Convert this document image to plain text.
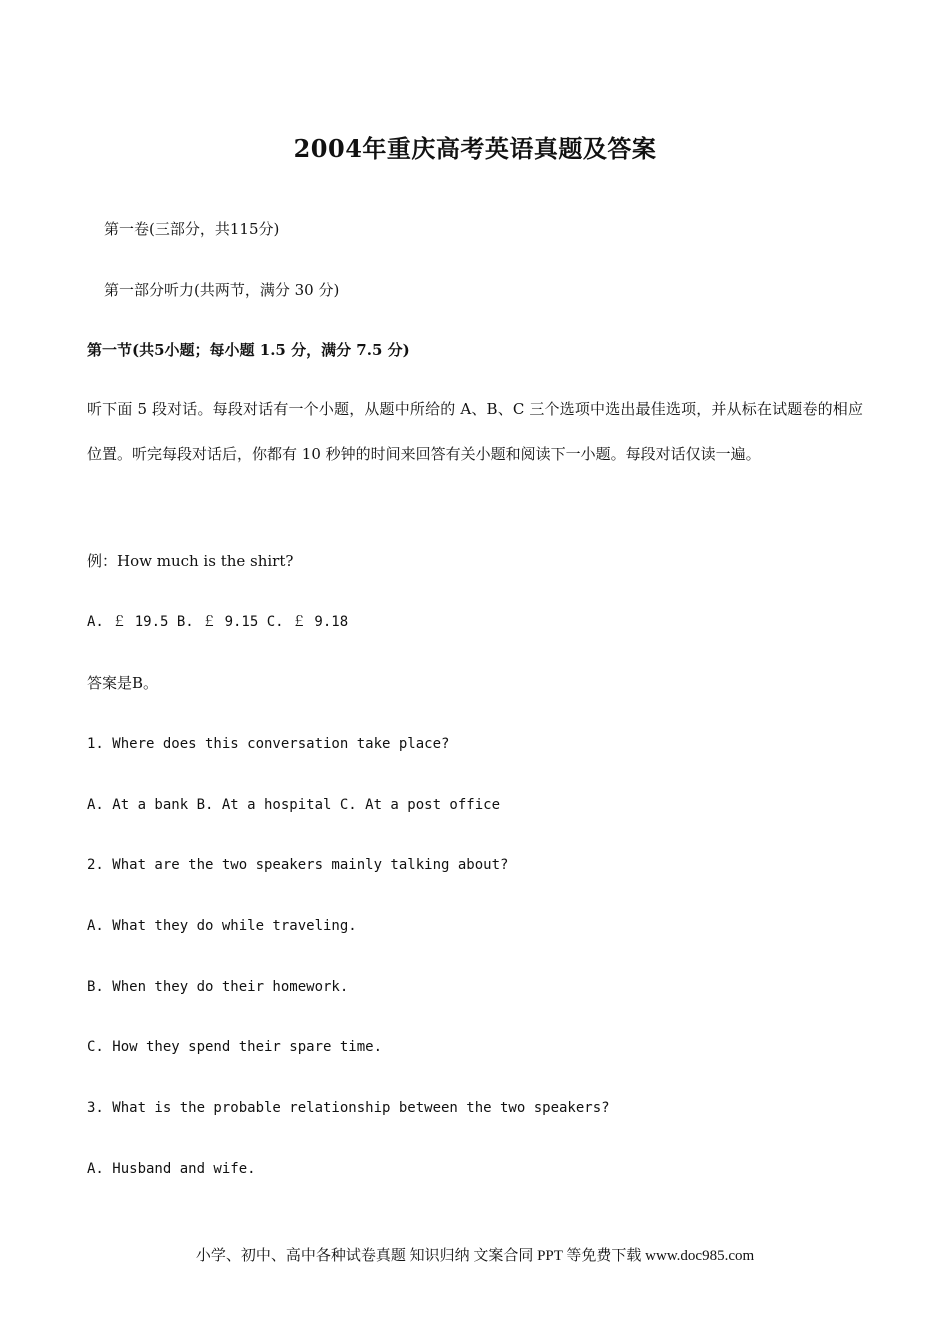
2004年重庆高考英语真题及答案
第一卷(三部分，共115分)
第一部分听力(共两节，满分 30 分)
第一节(共5小题；每小题 1.5 分，满分 7.5 分)
听下面 5 段对话。每段对话有一个小题，从题中所给的 A、B、C 三个选项中选出最佳选项，并从标在试题卷的相应位置。听完每段对话后，你都有 10 秒钟的时间来回答有关小题和阅读下一小题。每段对话仅读一遍。
例：How much is the shirt?
A. ￡ 19.5 B. ￡ 9.15 C. ￡ 9.18
答案是B。
1. Where does this conversation take place?
A. At a bank B. At a hospital C. At a post office
2. What are the two speakers mainly talking about?
A. What they do while traveling.
B. When they do their homework.
C. How they spend their spare time.
3. What is the probable relationship between the two speakers?
A. Husband and wife.
小学、初中、高中各种试卷真题 知识归纳 文案合同 PPT 等免费下载 www.doc985.com
